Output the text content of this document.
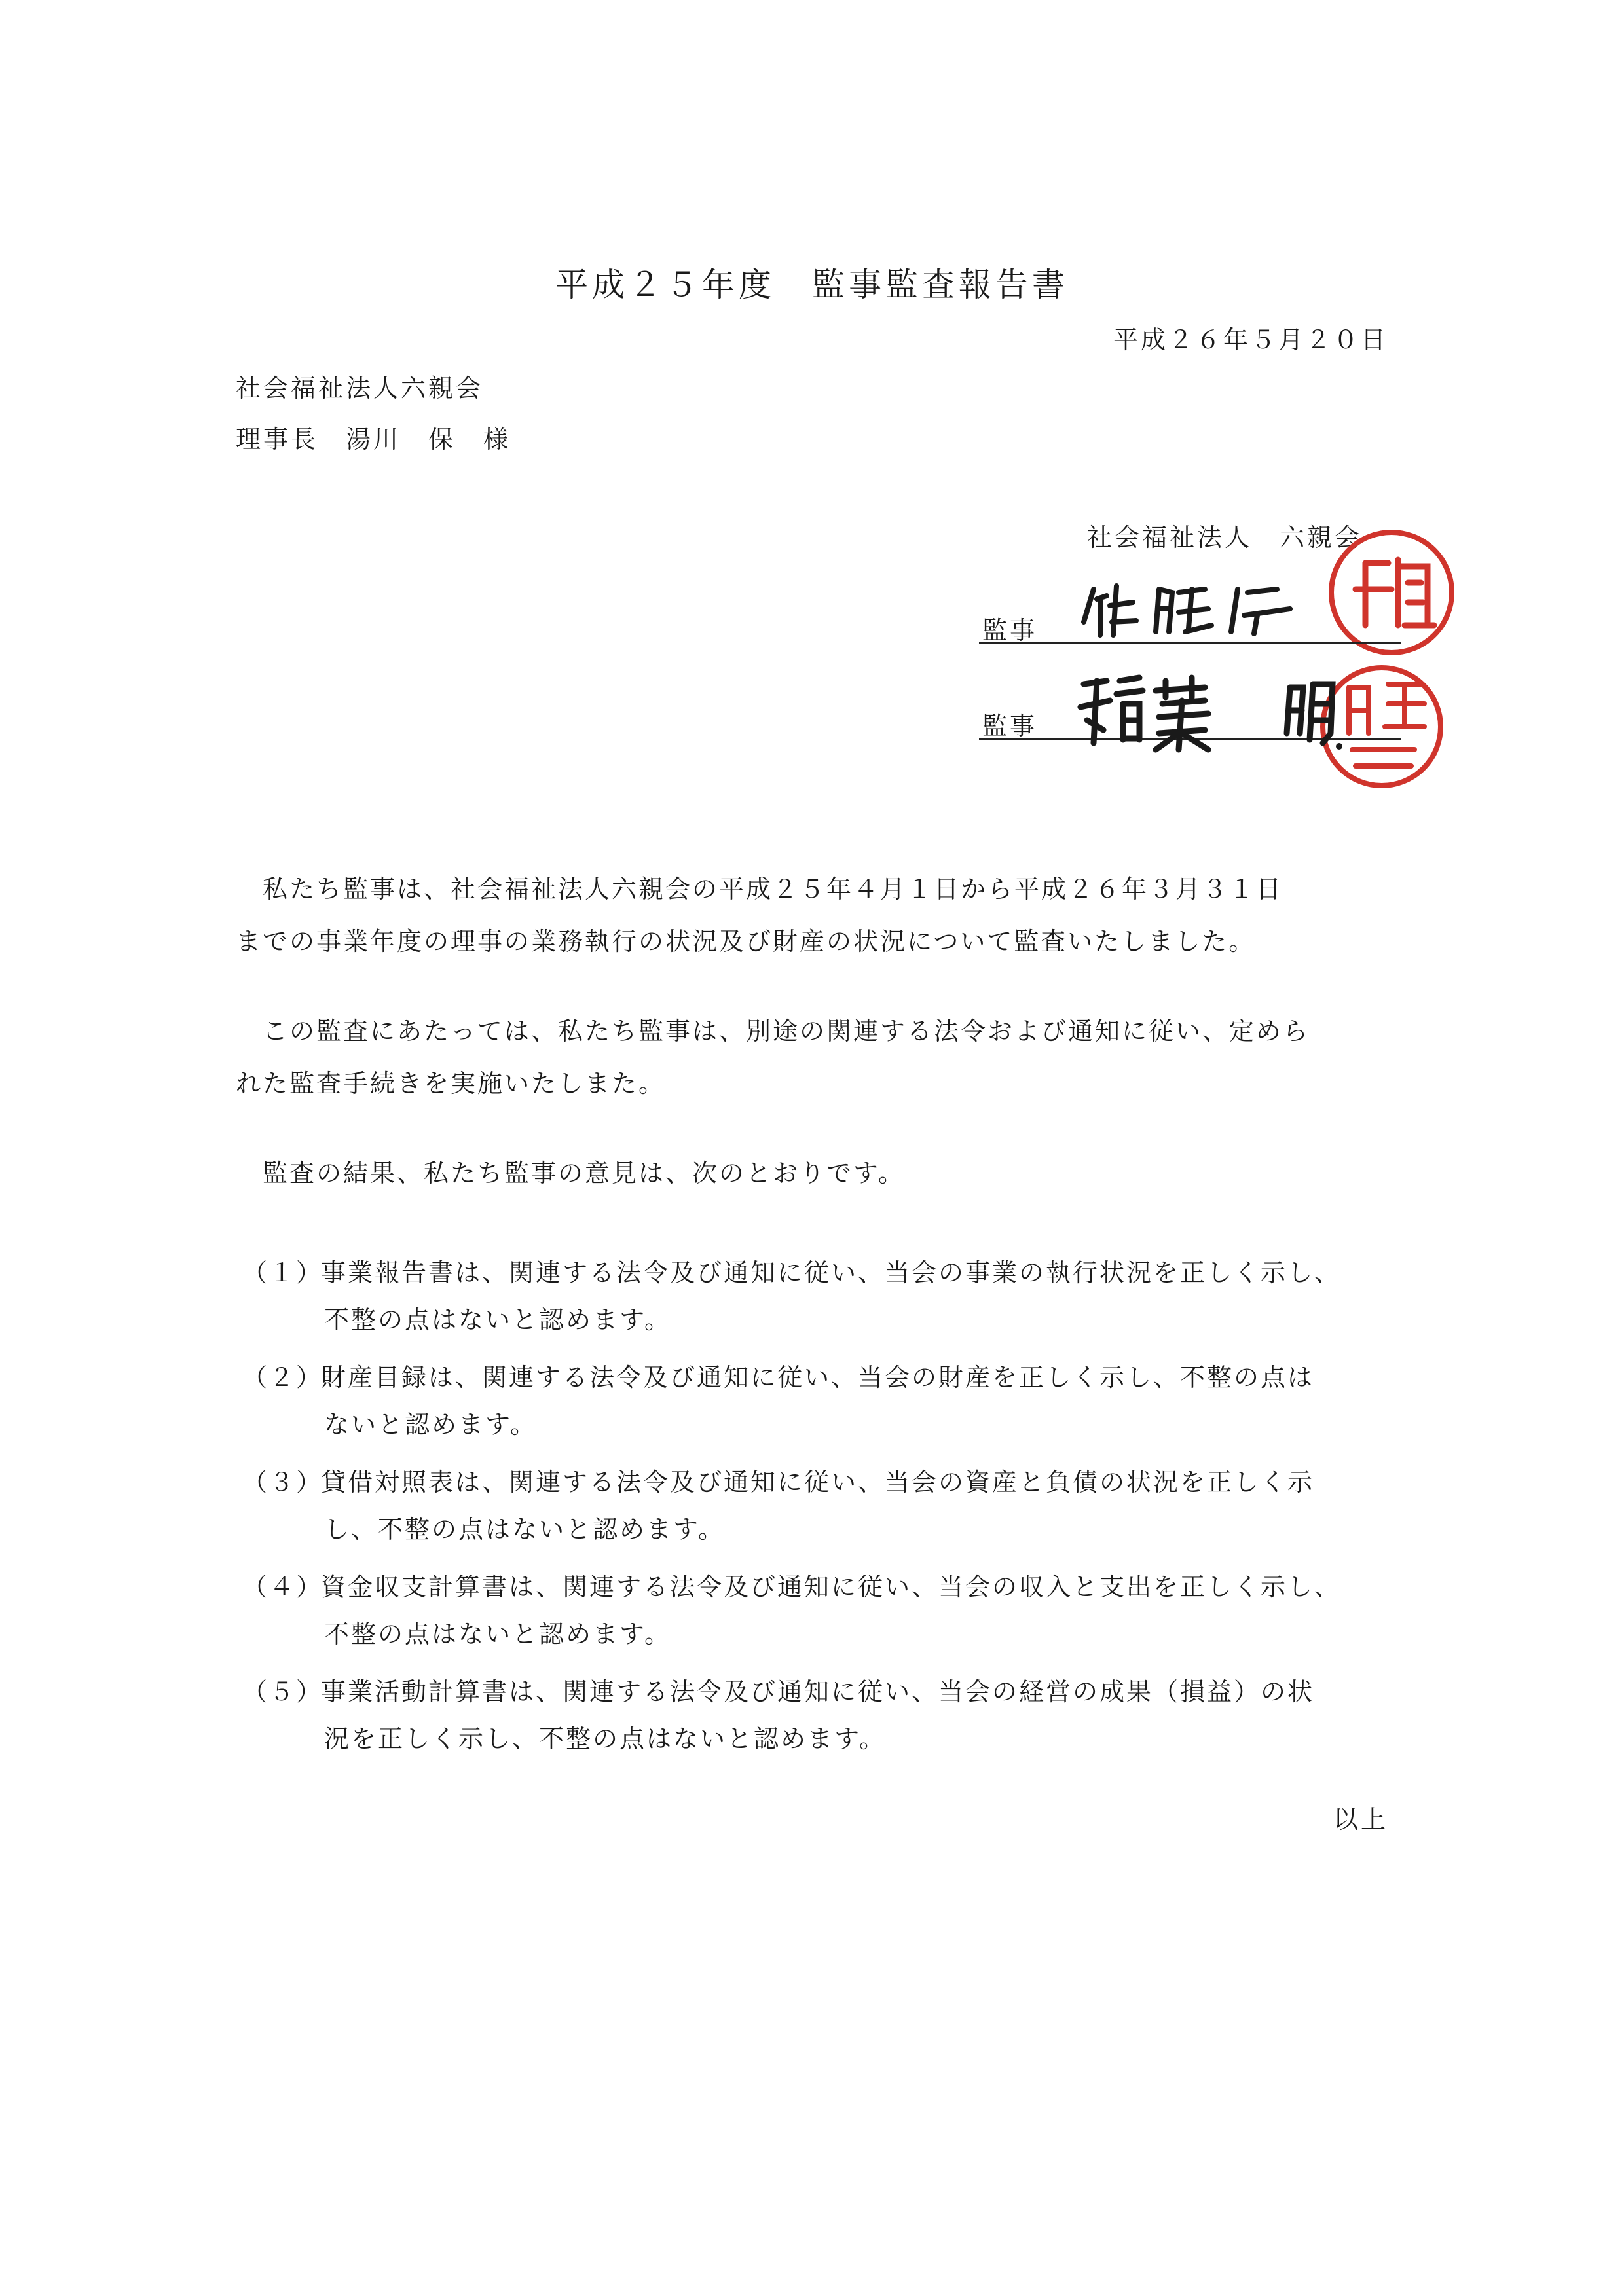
平成２５年度　監事監査報告書
平成２６年５月２０日
社会福祉法人六親会
理事長　湯川　保　様
社会福祉法人　六親会
監事
監事
　私たち監事は、社会福祉法人六親会の平成２５年４月１日から平成２６年３月３１日
までの事業年度の理事の業務執行の状況及び財産の状況について監査いたしました。
　この監査にあたっては、私たち監事は、別途の関連する法令および通知に従い、定めら
れた監査手続きを実施いたしまた。
　監査の結果、私たち監事の意見は、次のとおりです。
（１）事業報告書は、関連する法令及び通知に従い、当会の事業の執行状況を正しく示し、
不整の点はないと認めます。
（２）財産目録は、関連する法令及び通知に従い、当会の財産を正しく示し、不整の点は
ないと認めます。
（３）貸借対照表は、関連する法令及び通知に従い、当会の資産と負債の状況を正しく示
し、不整の点はないと認めます。
（４）資金収支計算書は、関連する法令及び通知に従い、当会の収入と支出を正しく示し、
不整の点はないと認めます。
（５）事業活動計算書は、関連する法令及び通知に従い、当会の経営の成果（損益）の状
況を正しく示し、不整の点はないと認めます。
以上
